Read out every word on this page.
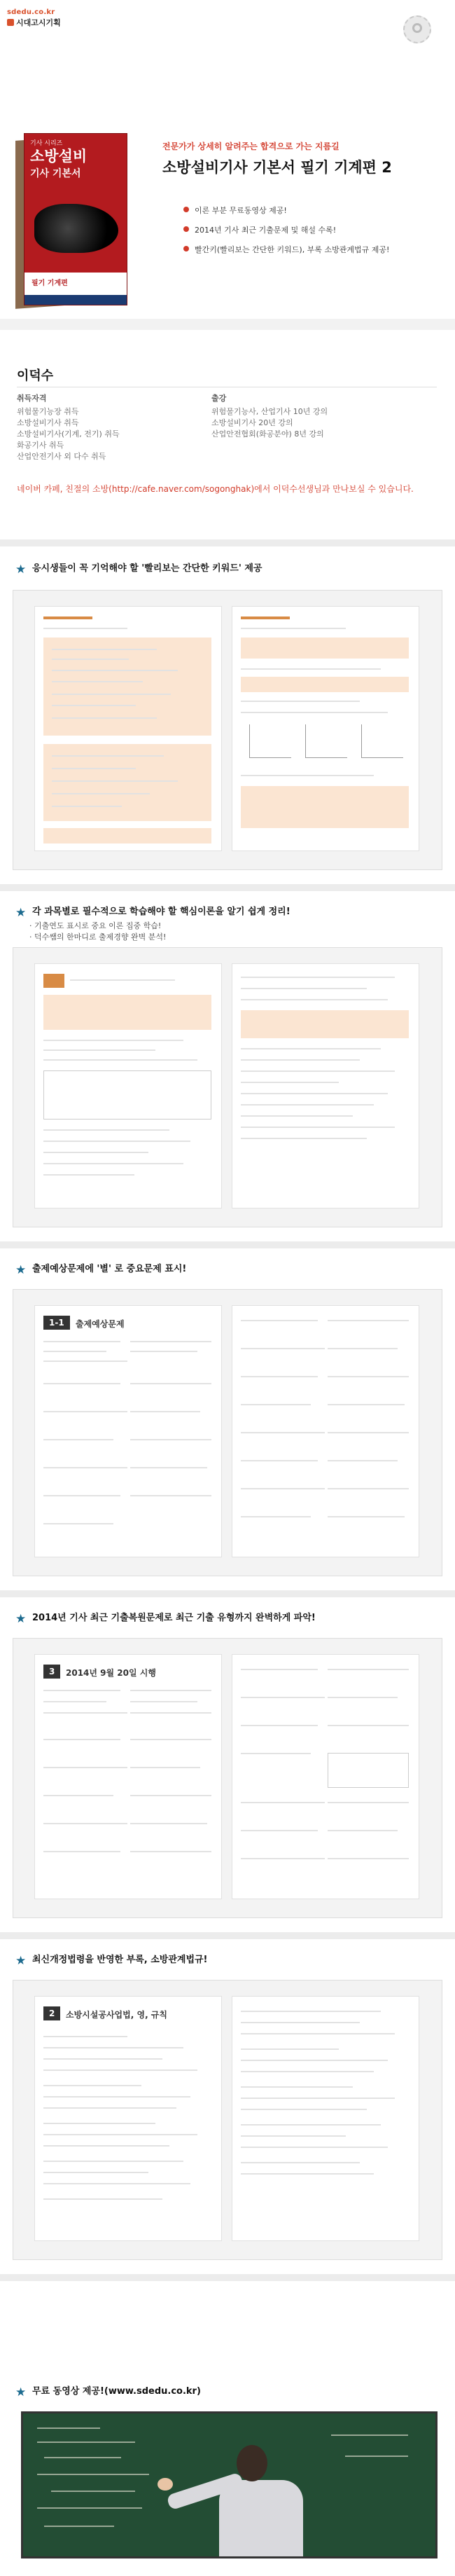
sdedu.co.kr
시대고시기획
기사 시리즈
소방설비
기사 기본서
필기 기계편
전문가가 상세히 알려주는 합격으로 가는 지름길
소방설비기사 기본서 필기 기계편 2
이론 부분 무료동영상 제공!
2014년 기사 최근 기출문제 및 해설 수록!
빨간키(빨리보는 간단한 키워드), 부록 소방관계법규 제공!
이덕수
취득자격
위험물기능장 취득
소방설비기사 취득
소방설비기사(기계, 전기) 취득
화공기사 취득
산업안전기사 외 다수 취득
출강
위험물기능사, 산업기사 10년 강의
소방설비기사 20년 강의
산업안전협회(화공분야) 8년 강의
네이버 카페, 친절의 소방(http://cafe.naver.com/sogonghak)에서 이덕수선생님과 만나보실 수 있습니다.
★ 응시생들이 꼭 기억해야 할 '빨리보는 간단한 키워드' 제공
★ 각 과목별로 필수적으로 학습해야 할 핵심이론을 알기 쉽게 정리!
· 기출연도 표시로 중요 이론 집중 학습!
· 덕수쌤의 한마디로 출제경향 완벽 분석!
★ 출제예상문제에 '별' 로 중요문제 표시!
1-1	출제예상문제
★ 2014년 기사 최근 기출복원문제로 최근 기출 유형까지 완벽하게 파악!
3	2014년 9월 20일 시행
★ 최신개정법령을 반영한 부록, 소방관계법규!
2	소방시설공사업법, 영, 규칙
★ 무료 동영상 제공!(www.sdedu.co.kr)
